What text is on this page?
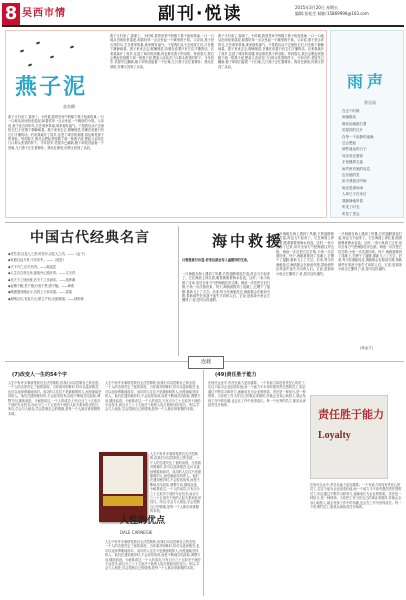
8 吴西市情	副刊·悦读	2015年3月20日 星期五
编辑:张松生 邮箱:15869996@163.com
燕子泥
童家麟
燕子又归来了,春深了。小时候,我曾见家中的檐下燕子衔泥筑巢,一口一口地从田间衔来湿泥,和着枯草一点点垒起一个碗形的小窝。父亲说,燕子是吉祥的鸟,它在谁家筑巢,谁家便有福气。于是我们从不去惊扰它们,只在檐下静静地看。燕子来来去去,呢喃细语,仿佛在说着只有它们才懂的话。后来我离开了故乡,住进了城市的高楼,再也难见燕子的身影。每到春天,我总会想起老屋檐下那一窝燕子泥,想起父亲站在门口仰头张望的样子。今年回乡,老屋早已翻新,檐下却依旧留着一个旧巢,几只燕子正忙着修补。我站在那里,仿佛又回到了从前。
燕子又归来了,春深了。小时候,我曾见家中的檐下燕子衔泥筑巢,一口一口地从田间衔来湿泥,和着枯草一点点垒起一个碗形的小窝。父亲说,燕子是吉祥的鸟,它在谁家筑巢,谁家便有福气。于是我们从不去惊扰它们,只在檐下静静地看。燕子来来去去,呢喃细语,仿佛在说着只有它们才懂的话。后来我离开了故乡,住进了城市的高楼,再也难见燕子的身影。每到春天,我总会想起老屋檐下那一窝燕子泥,想起父亲站在门口仰头张望的样子。今年回乡,老屋早已翻新,檐下却依旧留着一个旧巢,几只燕子正忙着修补。我站在那里,仿佛又回到了从前。
燕子又归来了,春深了。小时候,我曾见家中的檐下燕子衔泥筑巢,一口一口地从田间衔来湿泥,和着枯草一点点垒起一个碗形的小窝。父亲说,燕子是吉祥的鸟,它在谁家筑巢,谁家便有福气。于是我们从不去惊扰它们,只在檐下静静地看。燕子来来去去,呢喃细语,仿佛在说着只有它们才懂的话。后来我离开了故乡,住进了城市的高楼,再也难见燕子的身影。每到春天,我总会想起老屋檐下那一窝燕子泥,想起父亲站在门口仰头张望的样子。今年回乡,老屋早已翻新,檐下却依旧留着一个旧巢,几只燕子正忙着修补。我站在那里,仿佛又回到了从前。
雨声
曹忠福
在这个时候
雨落檐前
淅沥沥地敲打着
旧屋顶的瓦片
在每一个寂静的夜晚
总会想起
那些遥远的日子
母亲坐在窗前
手里缝着衣裳
雨声里有她的叹息
也有她的笑
如今我独自听雨
雨还是那场雨
人却已不在身边
我静静地听着
听见了时光
听见了思念
中国古代经典名言
◆老吾老,以及人之老;幼吾幼,以及人之幼。——《孟子》
◆有朋自远方来,不亦乐乎。——《论语》
◆天下兴亡,匹夫有责。——顾炎武
◆人生自古谁无死,留取丹心照汗青。——文天祥
◆先天下之忧而忧,后天下之乐而乐。——范仲淹
◆业精于勤,荒于嬉;行成于思,毁于随。——韩愈
◆路漫漫其修远兮,吾将上下而求索。——屈原
◆海纳百川,有容乃大;壁立千仞,无欲则刚。——林则徐
海中救援
只要愿意付出爱,你身边就会有人温暖你的生命。
一只海鸥在海上遇到了风暴,它的翅膀被浪打湿,再也飞不起来了。它在海面上挣扎着,眼看就要被海水吞没。这时,一条小鱼游了过来,用尽全身力气把海鸥往岸边推。海浪一次次把它们打散,小鱼一次次游回来。终于,海鸥被推到了浅滩上,它晒干了翅膀,重新飞上了天空。后来,每当有渔船经过,海鸥都会在船前引路,帮助那些在风浪中迷失方向的人们。它说,是那条小鱼让它懂得了:爱,是可以传递的。
一只海鸥在海上遇到了风暴,它的翅膀被浪打湿,再也飞不起来了。它在海面上挣扎着,眼看就要被海水吞没。这时,一条小鱼游了过来,用尽全身力气把海鸥往岸边推。海浪一次次把它们打散,小鱼一次次游回来。终于,海鸥被推到了浅滩上,它晒干了翅膀,重新飞上了天空。后来,每当有渔船经过,海鸥都会在船前引路,帮助那些在风浪中迷失方向的人们。它说,是那条小鱼让它懂得了:爱,是可以传递的。
一只海鸥在海上遇到了风暴,它的翅膀被浪打湿,再也飞不起来了。它在海面上挣扎着,眼看就要被海水吞没。这时,一条小鱼游了过来,用尽全身力气把海鸥往岸边推。海浪一次次把它们打散,小鱼一次次游回来。终于,海鸥被推到了浅滩上,它晒干了翅膀,重新飞上了天空。后来,每当有渔船经过,海鸥都会在船前引路,帮助那些在风浪中迷失方向的人们。它说,是那条小鱼让它懂得了:爱,是可以传递的。
(杨金才)
连载
(7)改变人一生的54个字	(49)责任胜于能力
人生中有许多事情是我们无法控制的,但我们可以控制自己的态度。一个人的态度决定了他的高度。当你面对困难时,你可以选择抱怨,也可以选择勇敢地面对。成功的人往往不是最聪明的人,而是最能坚持的人。他们在遇到挫折时,不会轻易放弃,而是不断地总结经验,调整方向,继续前进。卡耐基说过,一个人的成功,只有百分之十五取决于他的专业技术,而百分之八十五取决于他的人际关系和处世技巧。所以,学会与人相处,学会控制自己的情绪,是每一个人都应该掌握的本领。
人生中有许多事情是我们无法控制的,但我们可以控制自己的态度。一个人的态度决定了他的高度。当你面对困难时,你可以选择抱怨,也可以选择勇敢地面对。成功的人往往不是最聪明的人,而是最能坚持的人。他们在遇到挫折时,不会轻易放弃,而是不断地总结经验,调整方向,继续前进。卡耐基说过,一个人的成功,只有百分之十五取决于他的专业技术,而百分之八十五取决于他的人际关系和处世技巧。所以,学会与人相处,学会控制自己的情绪,是每一个人都应该掌握的本领。
人生中有许多事情是我们无法控制的,但我们可以控制自己的态度。一个人的态度决定了他的高度。当你面对困难时,你可以选择抱怨,也可以选择勇敢地面对。成功的人往往不是最聪明的人,而是最能坚持的人。他们在遇到挫折时,不会轻易放弃,而是不断地总结经验,调整方向,继续前进。卡耐基说过,一个人的成功,只有百分之十五取决于他的专业技术,而百分之八十五取决于他的人际关系和处世技巧。所以,学会与人相处,学会控制自己的情绪,是每一个人都应该掌握的本领。
人生中有许多事情是我们无法控制的,但我们可以控制自己的态度。一个人的态度决定了他的高度。当你面对困难时,你可以选择抱怨,也可以选择勇敢地面对。成功的人往往不是最聪明的人,而是最能坚持的人。他们在遇到挫折时,不会轻易放弃,而是不断地总结经验,调整方向,继续前进。卡耐基说过,一个人的成功,只有百分之十五取决于他的专业技术,而百分之八十五取决于他的人际关系和处世技巧。所以,学会与人相处,学会控制自己的情绪,是每一个人都应该掌握的本领。
人性的优点
DALE CARNEGIE
在现代企业中,责任比能力更加重要。一个有能力却没有责任心的员工,往往不能为企业创造价值;而一个能力平平却有强烈责任感的员工,则会通过不断学习和努力,逐渐成长为企业的栋梁。责任是一种担当,是一种使命。当你把工作当作自己的事业来做时,你就会全身心地投入,就会发现工作中的乐趣,也会在工作中获得成长。每一个优秀的员工,都是从承担责任开始的。
在现代企业中,责任比能力更加重要。一个有能力却没有责任心的员工,往往不能为企业创造价值;而一个能力平平却有强烈责任感的员工,则会通过不断学习和努力,逐渐成长为企业的栋梁。责任是一种担当,是一种使命。当你把工作当作自己的事业来做时,你就会全身心地投入,就会发现工作中的乐趣,也会在工作中获得成长。每一个优秀的员工,都是从承担责任开始的。
责任胜于能力
Loyalty
